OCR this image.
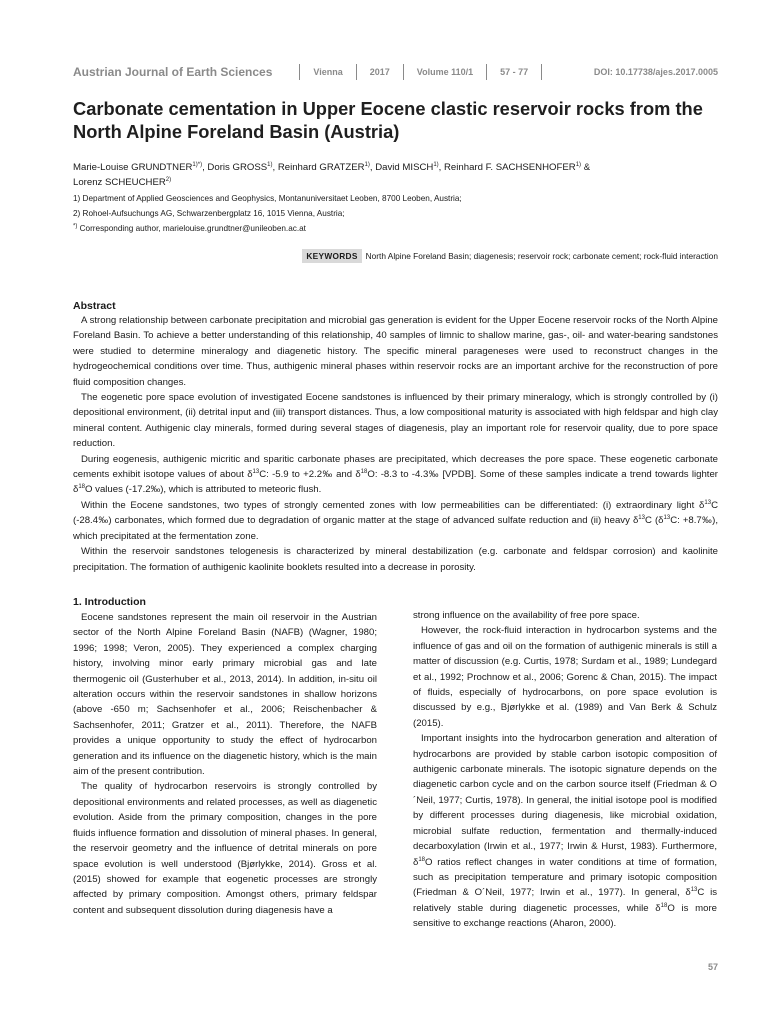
Austrian Journal of Earth Sciences	Vienna	2017	Volume 110/1	57 - 77	DOI: 10.17738/ajes.2017.0005
Carbonate cementation in Upper Eocene clastic reservoir rocks from the North Alpine Foreland Basin (Austria)
Marie-Louise $GRUNDTNER^{1)*)}$, Doris GROSS$^{1)}$, Reinhard GRATZER$^{1)}$, David MISCH$^{1)}$, Reinhard F. SACHSENHOFER$^{1)}$ &
Lorenz SCHEUCHER$^{2)}$
1) Department of Applied Geosciences and Geophysics, Montanuniversitaet Leoben, 8700 Leoben, Austria;
2) Rohoel-Aufsuchungs AG, Schwarzenbergplatz 16, 1015 Vienna, Austria;
*) Corresponding author, marielouise.grundtner@unileoben.ac.at
KEYWORDS North Alpine Foreland Basin; diagenesis; reservoir rock; carbonate cement; rock-fluid interaction
Abstract

A strong relationship between carbonate precipitation and microbial gas generation is evident for the Upper Eocene reservoir rocks of the North Alpine Foreland Basin. To achieve a better understanding of this relationship, 40 samples of limnic to shallow marine, gas-, oil- and water-bearing sandstones were studied to determine mineralogy and diagenetic history. The specific mineral parageneses were used to reconstruct changes in the hydrogeochemical conditions over time. Thus, authigenic mineral phases within reservoir rocks are an important archive for the reconstruction of pore fluid composition changes.

The eogenetic pore space evolution of investigated Eocene sandstones is influenced by their primary mineralogy, which is strongly controlled by (i) depositional environment, (ii) detrital input and (iii) transport distances. Thus, a low compositional maturity is associated with high feldspar and high clay mineral content. Authigenic clay minerals, formed during several stages of diagenesis, play an important role for reservoir quality, due to pore space reduction.

During eogenesis, authigenic micritic and sparitic carbonate phases are precipitated, which decreases the pore space. These eogenetic carbonate cements exhibit isotope values of about $\delta^{13}C$: -5.9 to +2.2‰ and $\delta^{18}O$: -8.3 to -4.3‰ [VPDB]. Some of these samples indicate a trend towards lighter $\delta^{18}O$ values (-17.2‰), which is attributed to meteoric flush.

Within the Eocene sandstones, two types of strongly cemented zones with low permeabilities can be differentiated: (i) extraordinary light $\delta^{13}C$ (-28.4‰) carbonates, which formed due to degradation of organic matter at the stage of advanced sulfate reduction and (ii) heavy $\delta^{13}C$ ($\delta^{13}C$: +8.7‰), which precipitated at the fermentation zone.

Within the reservoir sandstones telogenesis is characterized by mineral destabilization (e.g. carbonate and feldspar corrosion) and kaolinite precipitation. The formation of authigenic kaolinite booklets resulted into a decrease in porosity.

1. Introduction

Eocene sandstones represent the main oil reservoir in the Austrian sector of the North Alpine Foreland Basin (NAFB) (Wagner, 1980; 1996; 1998; Veron, 2005). They experienced a complex charging history, involving minor early primary microbial gas and late thermogenic oil (Gusterhuber et al., 2013, 2014). In addition, in-situ oil alteration occurs within the reservoir sandstones in shallow horizons (above -650 m; Sachsenhofer et al., 2006; Reischenbacher & Sachsenhofer, 2011; Gratzer et al., 2011). Therefore, the NAFB provides a unique opportunity to study the effect of hydrocarbon generation and its influence on the diagenetic history, which is the main aim of the present contribution.

The quality of hydrocarbon reservoirs is strongly controlled by depositional environments and related processes, as well as diagenetic evolution. Aside from the primary composition, changes in the pore fluids influence formation and dissolution of mineral phases. In general, the reservoir geometry and the influence of detrital minerals on pore space evolution is well understood (Bjørlykke, 2014). Gross et al. (2015) showed for example that eogenetic processes are strongly affected by primary composition. Amongst others, primary feldspar content and subsequent dissolution during diagenesis have a

strong influence on the availability of free pore space.

However, the rock-fluid interaction in hydrocarbon systems and the influence of gas and oil on the formation of authigenic minerals is still a matter of discussion (e.g. Curtis, 1978; Surdam et al., 1989; Lundegard et al., 1992; Prochnow et al., 2006; Gorenc & Chan, 2015). The impact of fluids, especially of hydrocarbons, on pore space evolution is discussed by e.g., Bjørlykke et al. (1989) and Van Berk & Schulz (2015).

Important insights into the hydrocarbon generation and alteration of hydrocarbons are provided by stable carbon isotopic composition of authigenic carbonate minerals. The isotopic signature depends on the diagenetic carbon cycle and on the carbon source itself (Friedman & O´Neil, 1977; Curtis, 1978). In general, the initial isotope pool is modified by different processes during diagenesis, like microbial oxidation, microbial sulfate reduction, fermentation and thermally-induced decarboxylation (Irwin et al., 1977; Irwin & Hurst, 1983). Furthermore, $\delta^{18}O$ ratios reflect changes in water conditions at time of formation, such as precipitation temperature and primary isotopic composition (Friedman & O´Neil, 1977; Irwin et al., 1977). In general, $\delta^{13}C$ is relatively stable during diagenetic processes, while $\delta^{18}O$ is more sensitive to exchange reactions (Aharon, 2000).

57
